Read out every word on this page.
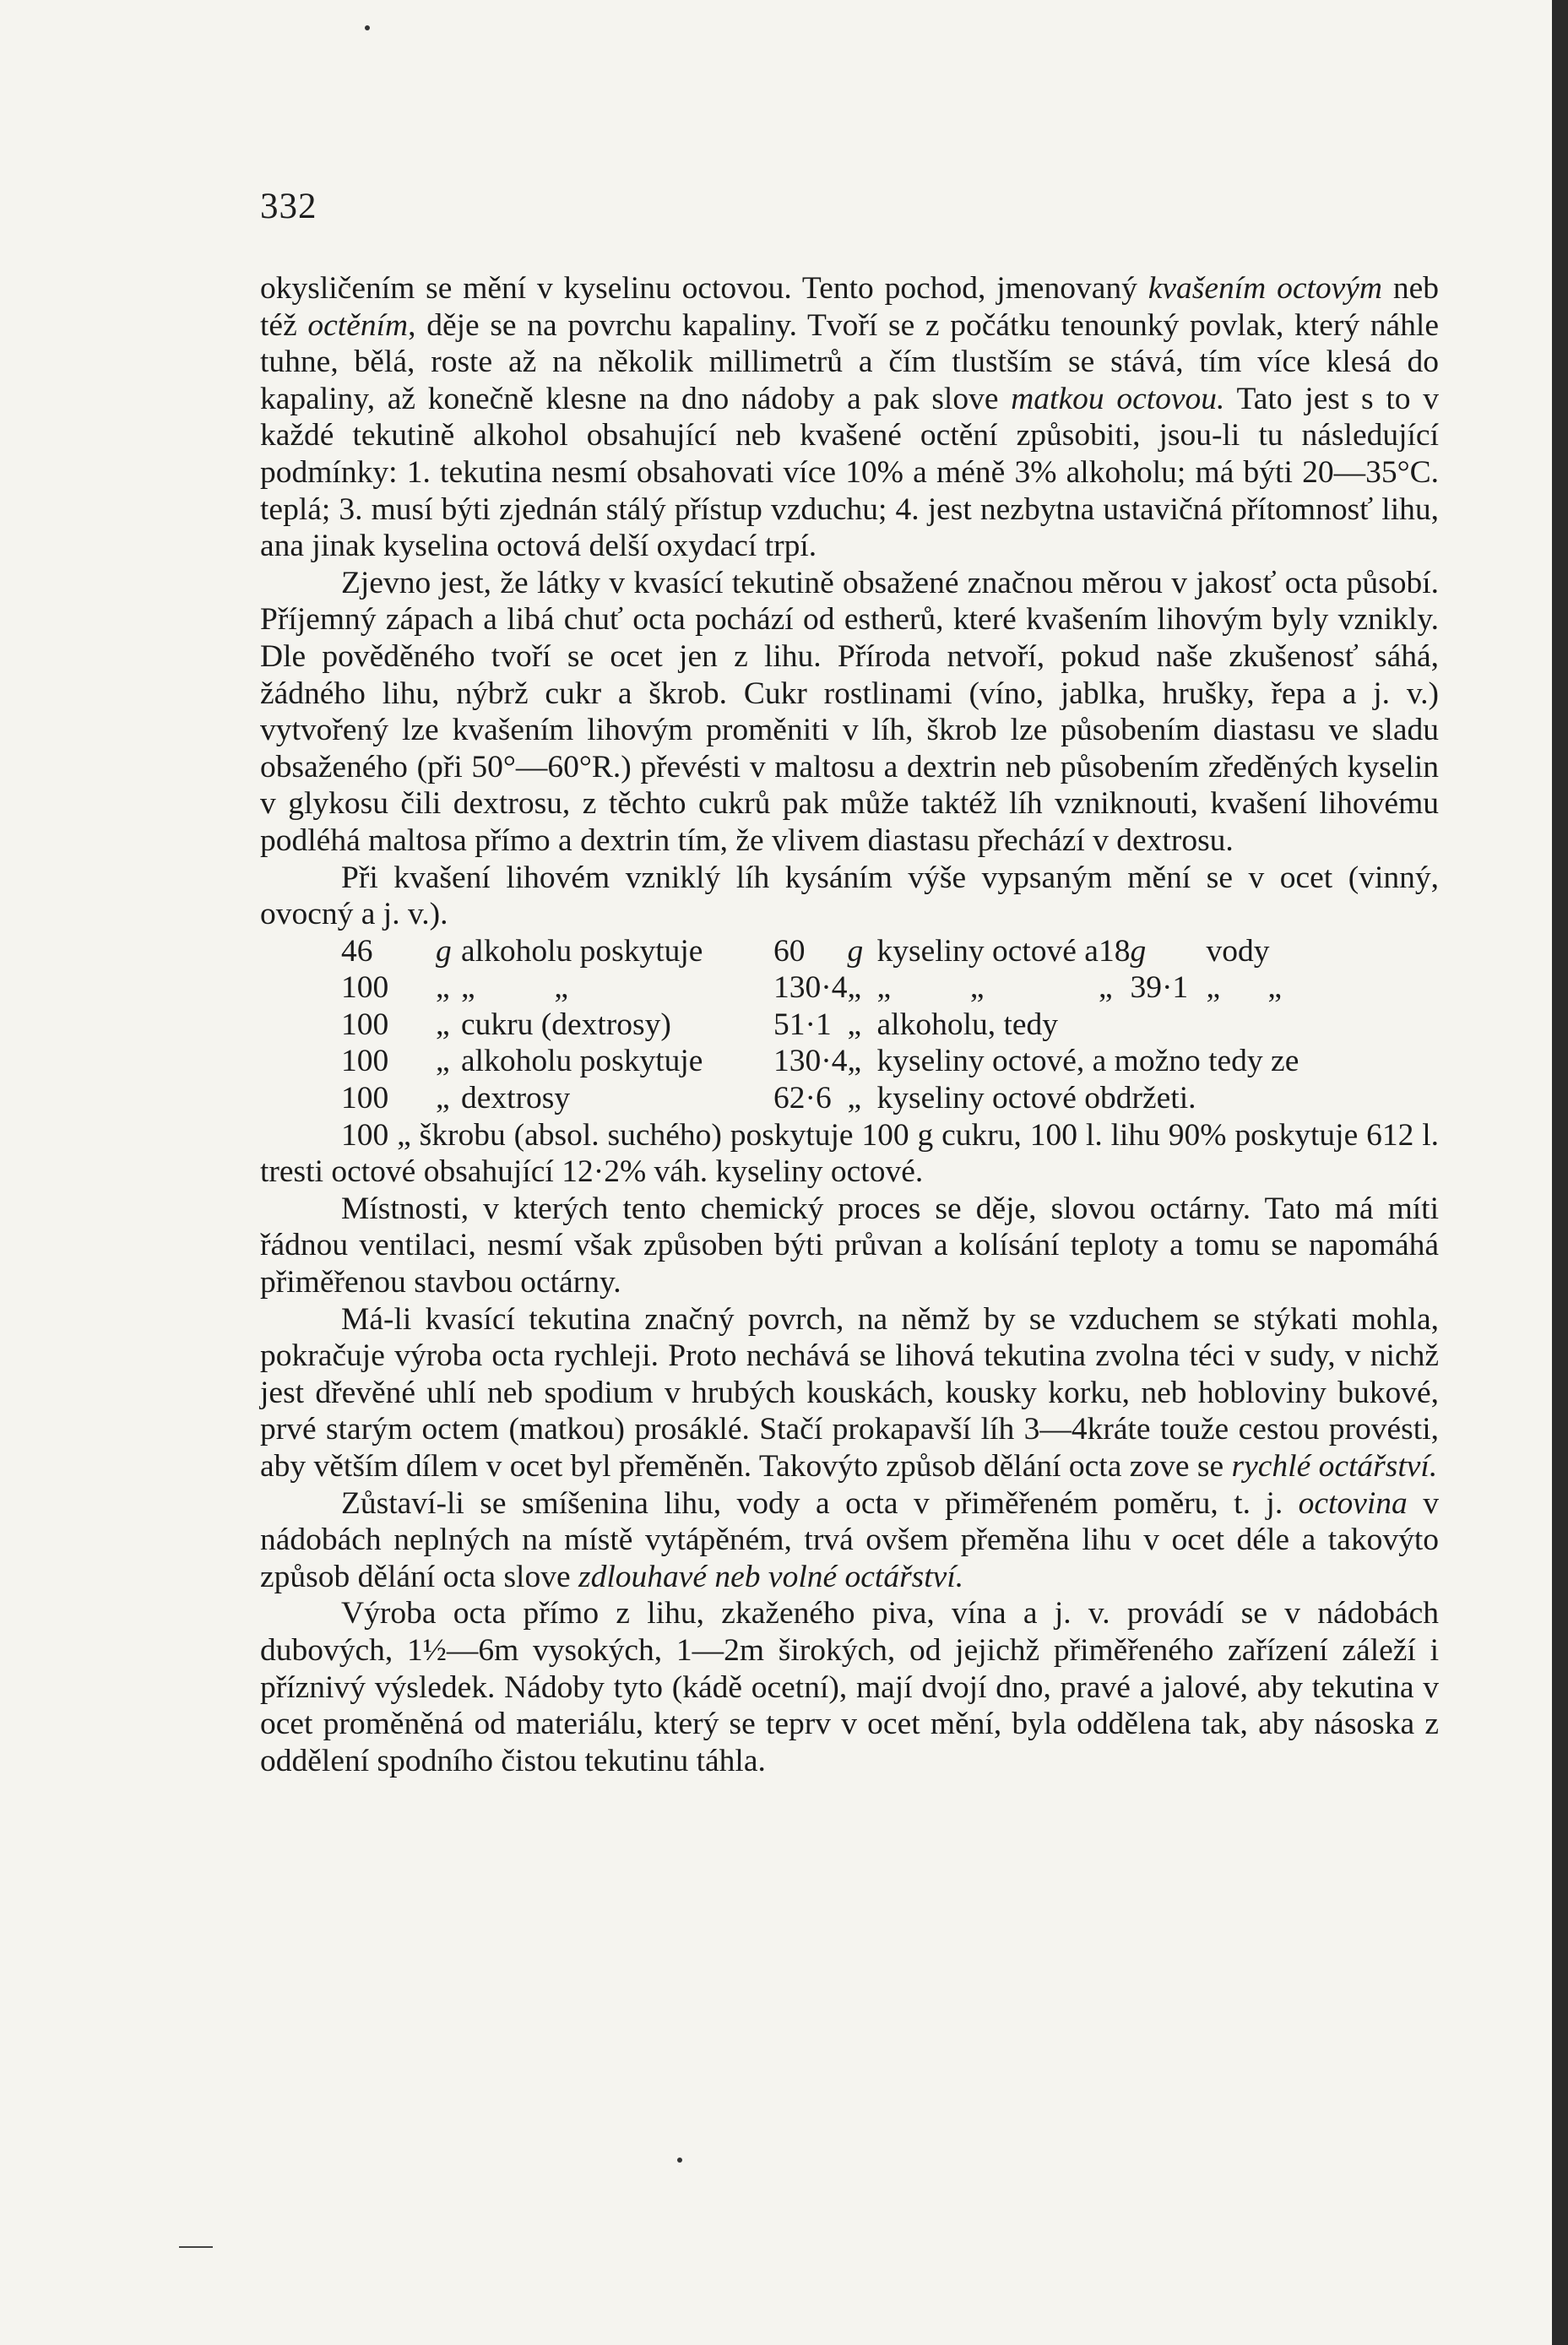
332

okysličením se mění v kyselinu octovou. Tento pochod, jmenovaný kvašením octovým neb též octěním, děje se na povrchu kapaliny. Tvoří se z počátku tenounký povlak, který náhle tuhne, bělá, roste až na několik millimetrů a čím tlustším se stává, tím více klesá do kapaliny, až konečně klesne na dno nádoby a pak slove matkou octovou. Tato jest s to v každé tekutině alkohol obsahující neb kvašené octění způsobiti, jsou-li tu následující podmínky: 1. tekutina nesmí obsahovati více 10% a méně 3% alkoholu; má býti 20—35°C. teplá; 3. musí býti zjednán stálý přístup vzduchu; 4. jest nezbytna ustavičná přítomnosť lihu, ana jinak kyselina octová delší oxydací trpí.

Zjevno jest, že látky v kvasící tekutině obsažené značnou měrou v jakosť octa působí. Příjemný zápach a libá chuť octa pochází od estherů, které kvašením lihovým byly vznikly. Dle pověděného tvoří se ocet jen z lihu. Příroda netvoří, pokud naše zkušenosť sáhá, žádného lihu, nýbrž cukr a škrob. Cukr rostlinami (víno, jablka, hrušky, řepa a j. v.) vytvořený lze kvašením lihovým proměniti v líh, škrob lze působením diastasu ve sladu obsaženého (při 50°—60°R.) převésti v maltosu a dextrin neb působením zředěných kyselin v glykosu čili dextrosu, z těchto cukrů pak může taktéž líh vzniknouti, kvašení lihovému podléhá maltosa přímo a dextrin tím, že vlivem diastasu přechází v dextrosu.

Při kvašení lihovém vzniklý líh kysáním výše vypsaným mění se v ocet (vinný, ovocný a j. v.).

46	g	alkoholu poskytuje	60	g	kyseliny octové a	18	g	vody
100	„	„          „	130·4	„	„          „	„	39·1	„      „
100	„	cukru (dextrosy)	51·1	„	alkoholu, tedy			
100	„	alkoholu poskytuje	130·4	„	kyseliny octové, a možno tedy ze			
100	„	dextrosy	62·6	„	kyseliny octové obdržeti.			

100 „ škrobu (absol. suchého) poskytuje 100 g cukru, 100 l. lihu 90% poskytuje 612 l. tresti octové obsahující 12·2% váh. kyseliny octové.

Místnosti, v kterých tento chemický proces se děje, slovou octárny. Tato má míti řádnou ventilaci, nesmí však způsoben býti průvan a kolísání teploty a tomu se napomáhá přiměřenou stavbou octárny.

Má-li kvasící tekutina značný povrch, na němž by se vzduchem se stýkati mohla, pokračuje výroba octa rychleji. Proto nechává se lihová tekutina zvolna téci v sudy, v nichž jest dřevěné uhlí neb spodium v hrubých kouskách, kousky korku, neb hobloviny bukové, prvé starým octem (matkou) prosáklé. Stačí prokapavší líh 3—4kráte touže cestou provésti, aby větším dílem v ocet byl přeměněn. Takovýto způsob dělání octa zove se rychlé octářství.

Zůstaví-li se smíšenina lihu, vody a octa v přiměřeném poměru, t. j. octovina v nádobách neplných na místě vytápěném, trvá ovšem přeměna lihu v ocet déle a takovýto způsob dělání octa slove zdlouhavé neb volné octářství.

Výroba octa přímo z lihu, zkaženého piva, vína a j. v. provádí se v nádobách dubových, 1½—6m vysokých, 1—2m širokých, od jejichž přiměřeného zařízení záleží i příznivý výsledek. Nádoby tyto (kádě ocetní), mají dvojí dno, pravé a jalové, aby tekutina v ocet proměněná od materiálu, který se teprv v ocet mění, byla oddělena tak, aby násoska z oddělení spodního čistou tekutinu táhla.
